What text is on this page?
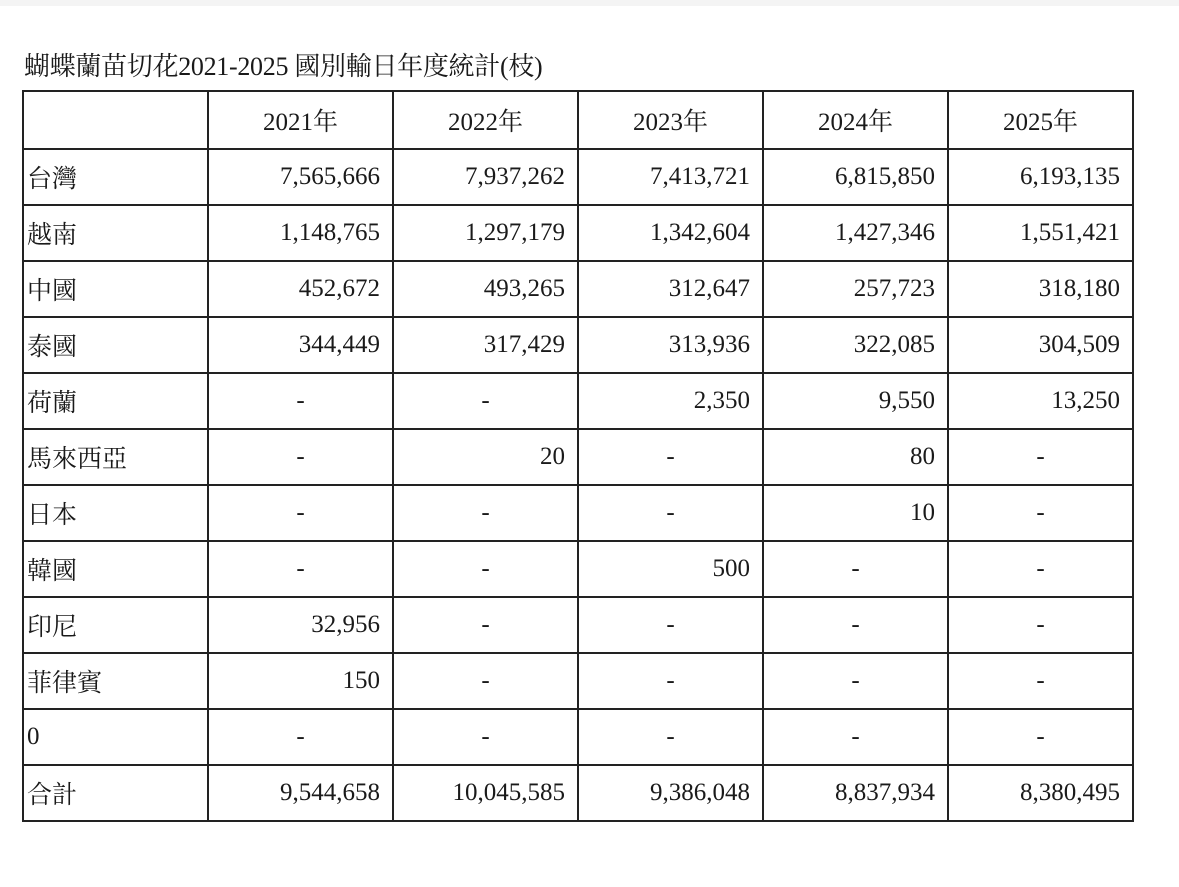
蝴蝶蘭苗切花2021-2025 國別輸日年度統計(枝)
	2021年	2022年	2023年	2024年	2025年
台灣	7,565,666	7,937,262	7,413,721	6,815,850	6,193,135
越南	1,148,765	1,297,179	1,342,604	1,427,346	1,551,421
中國	452,672	493,265	312,647	257,723	318,180
泰國	344,449	317,429	313,936	322,085	304,509
荷蘭	-	-	2,350	9,550	13,250
馬來西亞	-	20	-	80	-
日本	-	-	-	10	-
韓國	-	-	500	-	-
印尼	32,956	-	-	-	-
菲律賓	150	-	-	-	-
0	-	-	-	-	-
合計	9,544,658	10,045,585	9,386,048	8,837,934	8,380,495
